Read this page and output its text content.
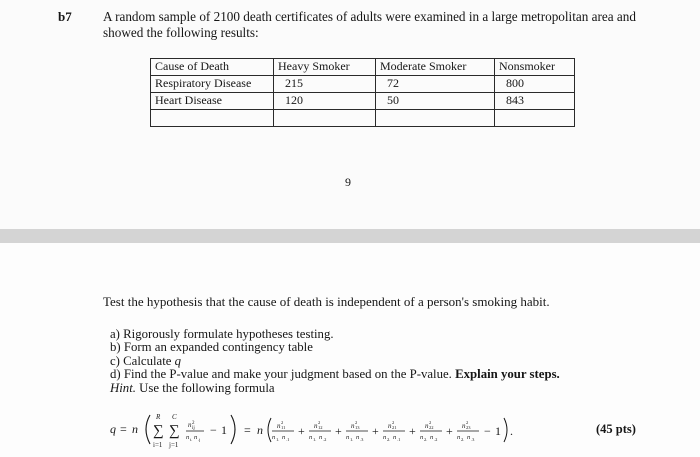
b7 A random sample of 2100 death certificates of adults were examined in a large metropolitan area and showed the following results:
Cause of Death	Heavy Smoker	Moderate Smoker	Nonsmoker
Respiratory Disease	215	72	800
Heart Disease	120	50	843

9
Test the hypothesis that the cause of death is independent of a person's smoking habit.
a) Rigorously formulate hypotheses testing.
b) Form an expanded contingency table
c) Calculate q
d) Find the P-value and make your judgment based on the P-value. Explain your steps.
Hint. Use the following formula
q = n
R
∑
i=1
C
∑
j=1
n 2
ij
n i. n .j
− 1 = n n 2
11
n 1. n .1
+ n 2
12
n 1. n .2
+ n 2
13
n 1. n .3
+ n 2
21
n 2. n .1
+ n 2
22
n 2. n .2
+ n 2
23
n 2. n .3
− 1 .	(45 pts)
